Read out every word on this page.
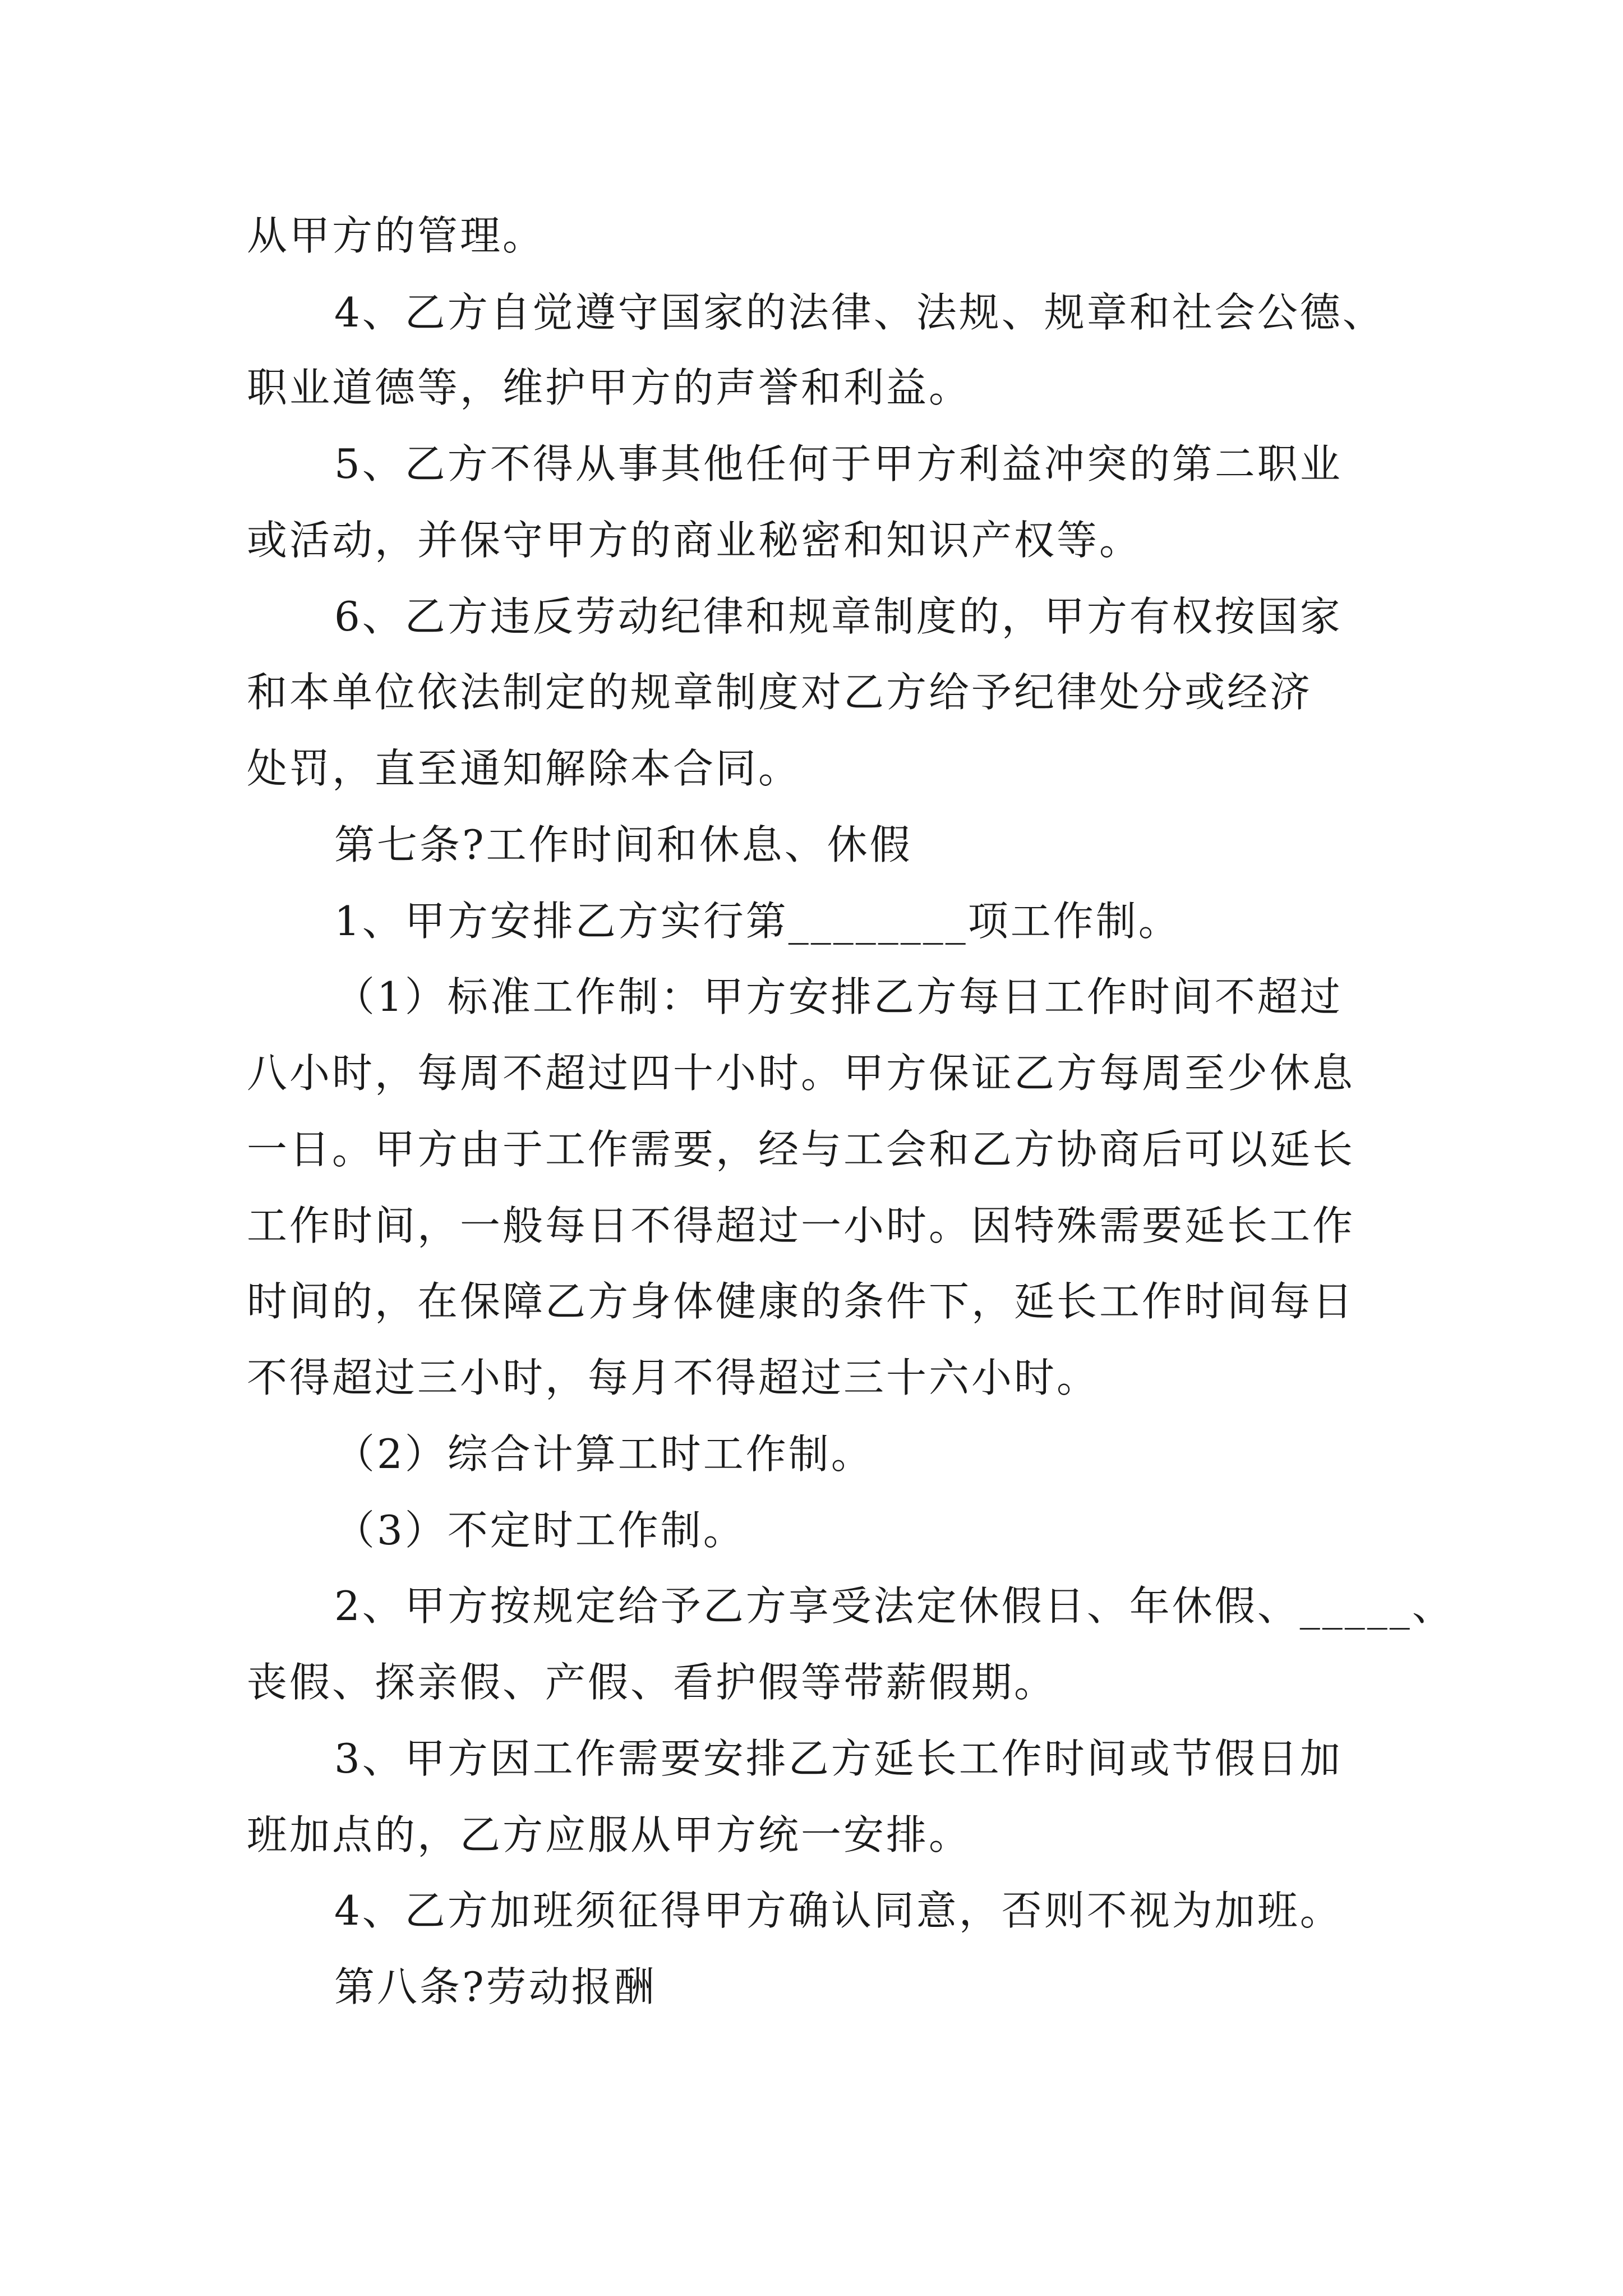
从甲方的管理。
4、乙方自觉遵守国家的法律、法规、规章和社会公德、
职业道德等，维护甲方的声誉和利益。
5、乙方不得从事其他任何于甲方利益冲突的第二职业
或活动，并保守甲方的商业秘密和知识产权等。
6、乙方违反劳动纪律和规章制度的，甲方有权按国家
和本单位依法制定的规章制度对乙方给予纪律处分或经济
处罚，直至通知解除本合同。
第七条?工作时间和休息、休假
1、甲方安排乙方实行第________项工作制。
（1）标准工作制：甲方安排乙方每日工作时间不超过
八小时，每周不超过四十小时。甲方保证乙方每周至少休息
一日。甲方由于工作需要，经与工会和乙方协商后可以延长
工作时间，一般每日不得超过一小时。因特殊需要延长工作
时间的，在保障乙方身体健康的条件下，延长工作时间每日
不得超过三小时，每月不得超过三十六小时。
（2）综合计算工时工作制。
（3）不定时工作制。
2、甲方按规定给予乙方享受法定休假日、年休假、_____、
丧假、探亲假、产假、看护假等带薪假期。
3、甲方因工作需要安排乙方延长工作时间或节假日加
班加点的，乙方应服从甲方统一安排。
4、乙方加班须征得甲方确认同意，否则不视为加班。
第八条?劳动报酬
